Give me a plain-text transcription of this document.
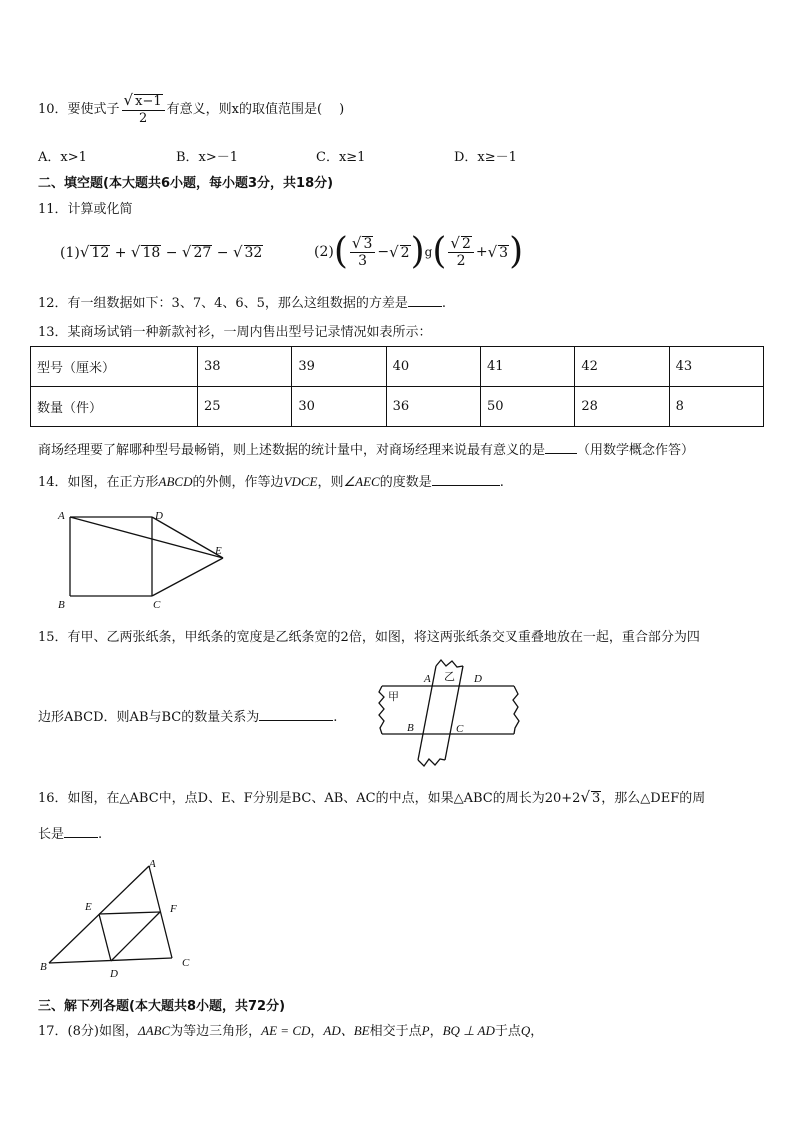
10．要使式子 $\frac{√ x-1}{2}$ 有意义，则x的取值范围是(　 )
A．x>1	B．x>－1	C．x≥1	D．x≥－1
二、填空题(本大题共6小题，每小题3分，共18分)
11．计算或化简
(1)√ 12 + √ 18 − √ 27 − √ 32	(2) ( $\frac{√ 3}{3}$ − √ 2 ) g ( $\frac{√ 2}{2}$ + √ 3 )
12．有一组数据如下：3、7、4、6、5，那么这组数据的方差是	.
13．某商场试销一种新款衬衫，一周内售出型号记录情况如表所示：
型号（厘米）	38	39	40	41	42	43
数量（件）	25	30	36	50	28	8
商场经理要了解哪种型号最畅销，则上述数据的统计量中，对商场经理来说最有意义的是 （用数学概念作答）
14．如图，在正方形ABCD的外侧，作等边VDCE，则∠AEC的度数是	.
A	D
E
B	C
15．有甲、乙两张纸条，甲纸条的宽度是乙纸条宽的2倍，如图，将这两张纸条交叉重叠地放在一起，重合部分为四
边形ABCD．则AB与BC的数量关系为	.
甲
乙
A	D
B	C
16．如图，在△ABC中，点D、E、F分别是BC、AB、AC的中点，如果△ABC的周长为20+2√ 3，那么△DEF的周
长是	.
A
E	F
B
D
C
三、解下列各题(本大题共8小题，共72分)
17．(8分)如图，ΔABC为等边三角形，AE = CD，AD、BE相交于点P，BQ ⊥ AD于点Q，
